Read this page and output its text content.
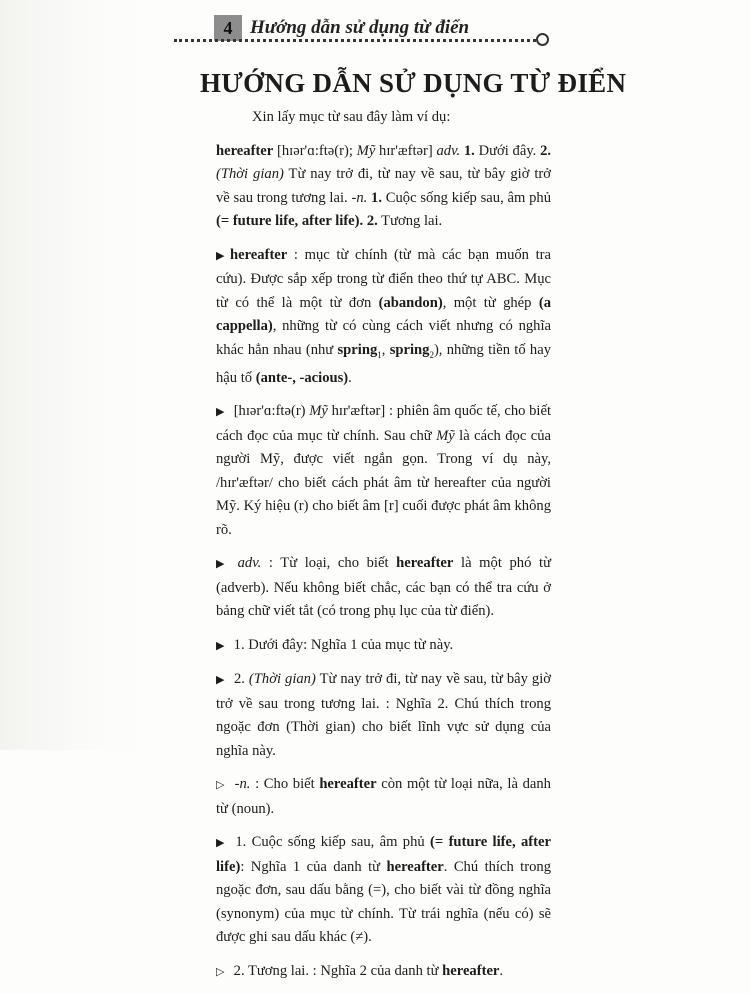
4 Hướng dẫn sử dụng từ điển
HƯỚNG DẪN SỬ DỤNG TỪ ĐIỂN

Xin lấy mục từ sau đây làm ví dụ:

hereafter [hɪər'ɑ:ftə(r); Mỹ hɪr'æftər] adv. 1. Dưới đây. 2. (Thời gian) Từ nay trở đi, từ nay về sau, từ bây giờ trở về sau trong tương lai. -n. 1. Cuộc sống kiếp sau, âm phủ (= future life, after life). 2. Tương lai.

▶ hereafter : mục từ chính (từ mà các bạn muốn tra cứu). Được sắp xếp trong từ điển theo thứ tự ABC. Mục từ có thể là một từ đơn (abandon), một từ ghép (a cappella), những từ có cùng cách viết nhưng có nghĩa khác hẳn nhau (như spring$_1$, spring$_2$), những tiền tố hay hậu tố (ante-, -acious).

▶ [hɪər'ɑ:ftə(r) Mỹ hɪr'æftər] : phiên âm quốc tế, cho biết cách đọc của mục từ chính. Sau chữ Mỹ là cách đọc của người Mỹ, được viết ngắn gọn. Trong ví dụ này, /hɪr'æftər/ cho biết cách phát âm từ hereafter của người Mỹ. Ký hiệu (r) cho biết âm [r] cuối được phát âm không rõ.

▶ adv. : Từ loại, cho biết hereafter là một phó từ (adverb). Nếu không biết chắc, các bạn có thể tra cứu ở bảng chữ viết tắt (có trong phụ lục của từ điển).

▶ 1. Dưới đây: Nghĩa 1 của mục từ này.

▶ 2. (Thời gian) Từ nay trở đi, từ nay về sau, từ bây giờ trở về sau trong tương lai. : Nghĩa 2. Chú thích trong ngoặc đơn (Thời gian) cho biết lĩnh vực sử dụng của nghĩa này.

▷ -n. : Cho biết hereafter còn một từ loại nữa, là danh từ (noun).

▶ 1. Cuộc sống kiếp sau, âm phủ (= future life, after life): Nghĩa 1 của danh từ hereafter. Chú thích trong ngoặc đơn, sau dấu bằng (=), cho biết vài từ đồng nghĩa (synonym) của mục từ chính. Từ trái nghĩa (nếu có) sẽ được ghi sau dấu khác (≠).

▷ 2. Tương lai. : Nghĩa 2 của danh từ hereafter.
